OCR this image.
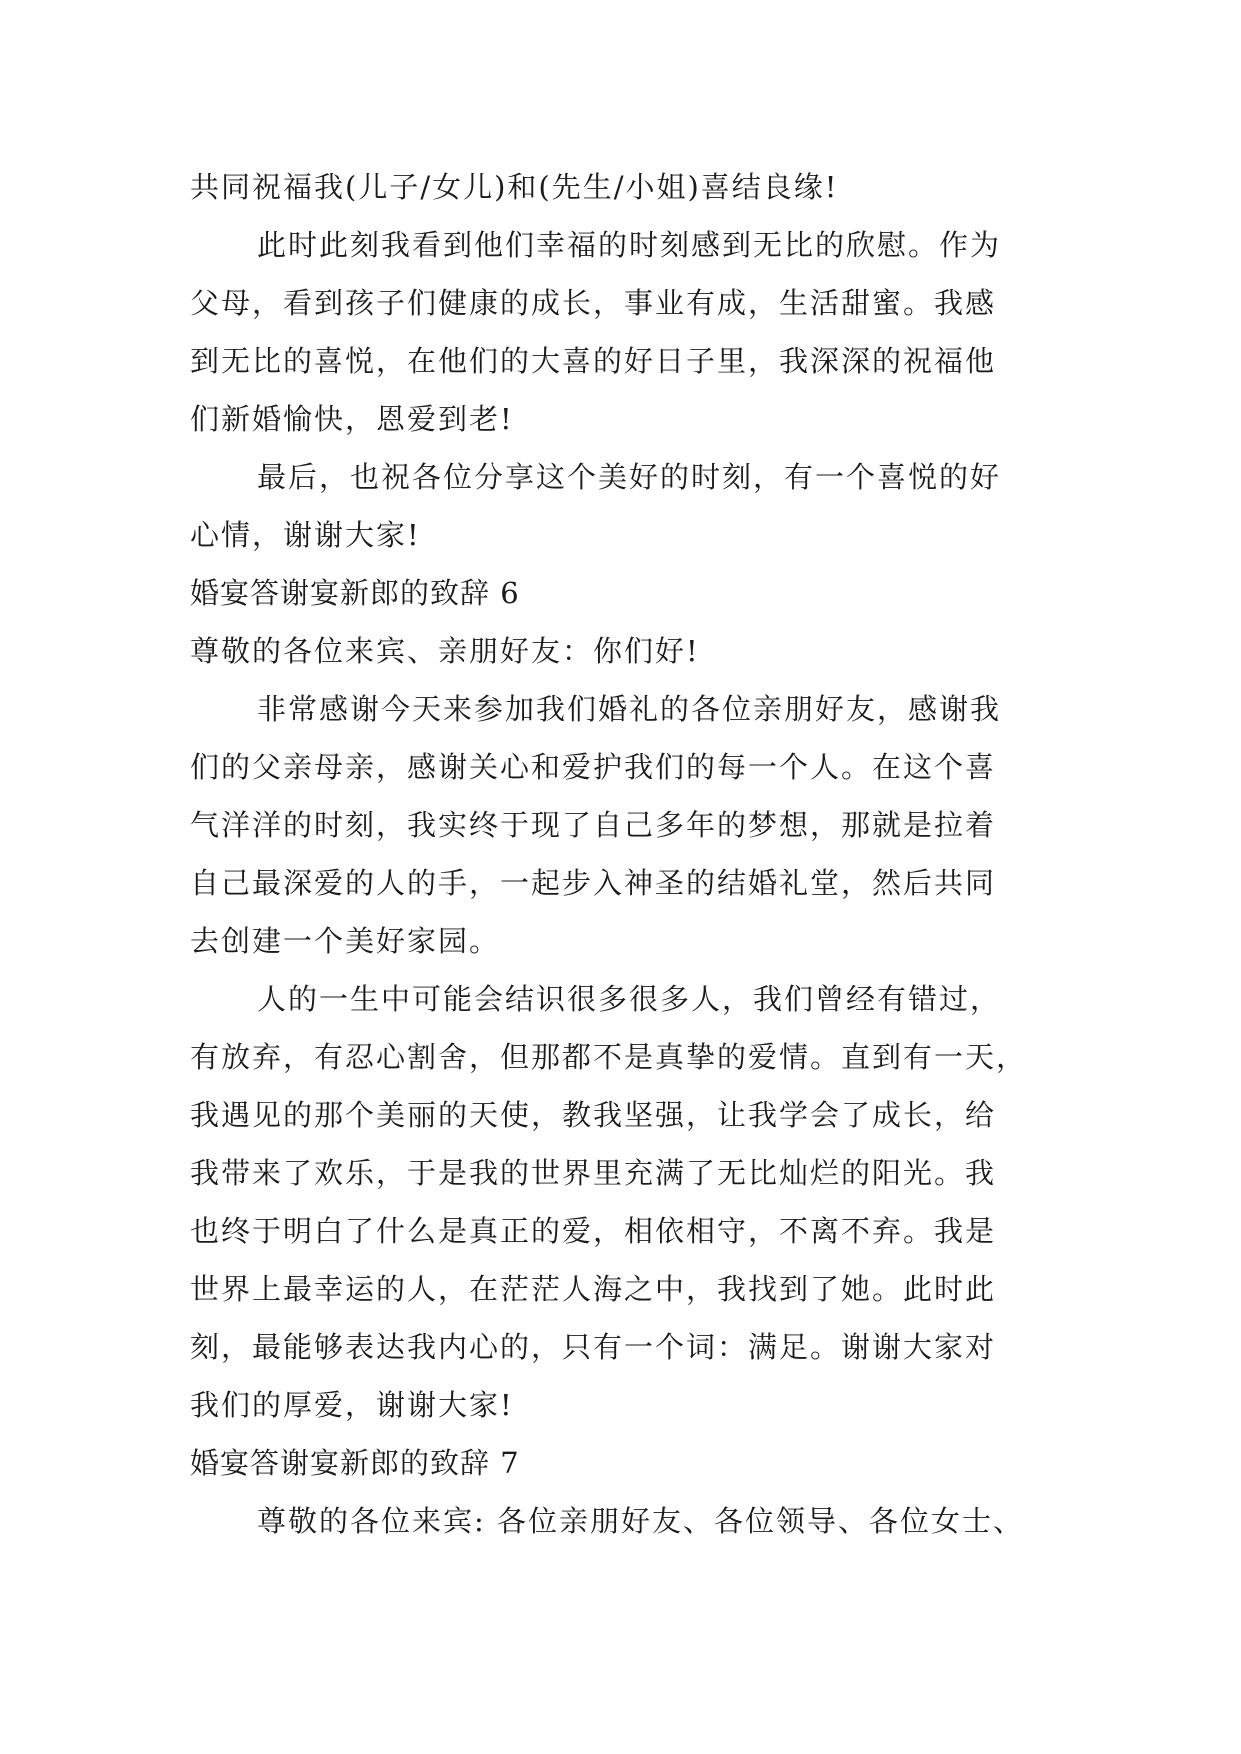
共同祝福我(儿子/女儿)和(先生/小姐)喜结良缘!
此时此刻我看到他们幸福的时刻感到无比的欣慰。作为
父母，看到孩子们健康的成长，事业有成，生活甜蜜。我感
到无比的喜悦，在他们的大喜的好日子里，我深深的祝福他
们新婚愉快，恩爱到老!
最后，也祝各位分享这个美好的时刻，有一个喜悦的好
心情，谢谢大家!
婚宴答谢宴新郎的致辞 6
尊敬的各位来宾、亲朋好友：你们好!
非常感谢今天来参加我们婚礼的各位亲朋好友，感谢我
们的父亲母亲，感谢关心和爱护我们的每一个人。在这个喜
气洋洋的时刻，我实终于现了自己多年的梦想，那就是拉着
自己最深爱的人的手，一起步入神圣的结婚礼堂，然后共同
去创建一个美好家园。
人的一生中可能会结识很多很多人，我们曾经有错过，
有放弃，有忍心割舍，但那都不是真挚的爱情。直到有一天，
我遇见的那个美丽的天使，教我坚强，让我学会了成长，给
我带来了欢乐，于是我的世界里充满了无比灿烂的阳光。我
也终于明白了什么是真正的爱，相依相守，不离不弃。我是
世界上最幸运的人，在茫茫人海之中，我找到了她。此时此
刻，最能够表达我内心的，只有一个词：满足。谢谢大家对
我们的厚爱，谢谢大家!
婚宴答谢宴新郎的致辞 7
尊敬的各位来宾: 各位亲朋好友、各位领导、各位女士、
